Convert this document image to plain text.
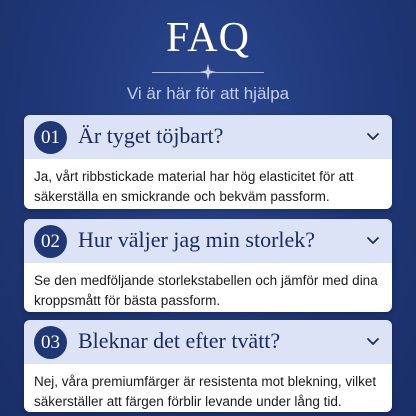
FAQ
Vi är här för att hjälpa
01 Är tyget töjbart?
Ja, vårt ribbstickade material har hög elasticitet för att säkerställa en smickrande och bekväm passform.
02 Hur väljer jag min storlek?
Se den medföljande storlekstabellen och jämför med dina kroppsmått för bästa passform.
03 Bleknar det efter tvätt?
Nej, våra premiumfärger är resistenta mot blekning, vilket säkerställer att färgen förblir levande under lång tid.
